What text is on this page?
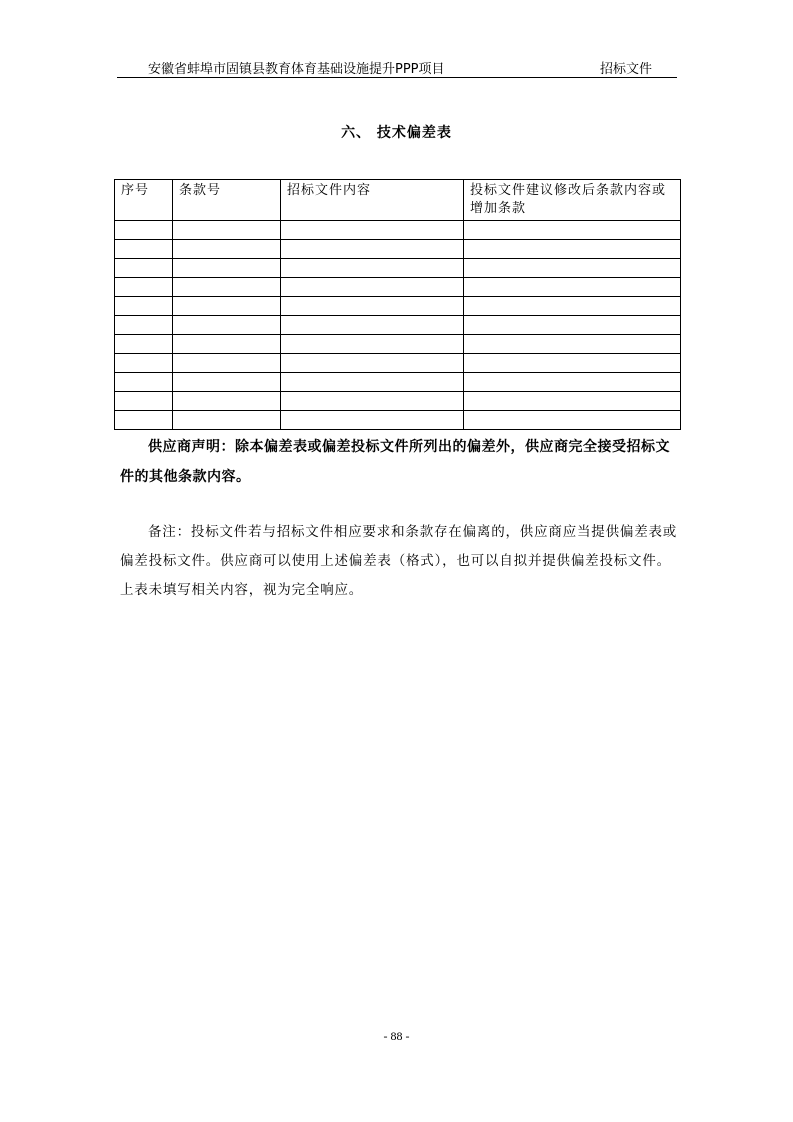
安徽省蚌埠市固镇县教育体育基础设施提升PPP项目	招标文件
六、 技术偏差表
序号	条款号	招标文件内容	投标文件建议修改后条款内容或增加条款

供应商声明：除本偏差表或偏差投标文件所列出的偏差外，供应商完全接受招标文件的其他条款内容。
备注：投标文件若与招标文件相应要求和条款存在偏离的，供应商应当提供偏差表或偏差投标文件。供应商可以使用上述偏差表（格式），也可以自拟并提供偏差投标文件。上表未填写相关内容，视为完全响应。
- 88 -
